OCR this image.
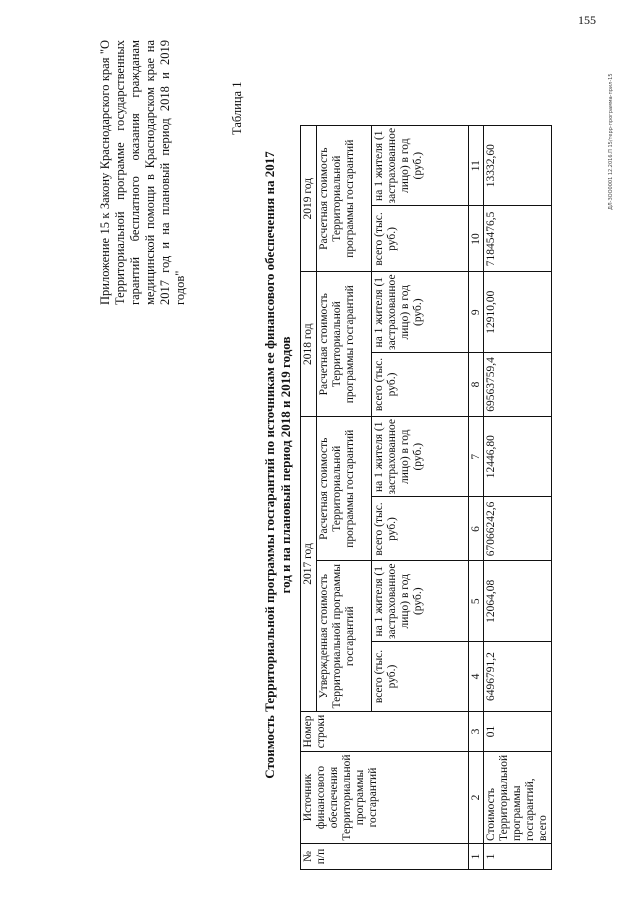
Приложение 15 к Закону Краснодарского края "О Территориальной программе государственных гарантий бесплатного оказания гражданам медицинской помощи в Краснодарском крае на 2017 год и на плановый период 2018 и 2019 годов"
Таблица 1
Стоимость Территориальной программы госгарантий по источникам ее финансового обеспечения на 2017 год и на плановый период 2018 и 2019 годов
№ п/п	Источник финансового обеспечения Территориальной программы госгарантий	Номер строки	2017 год				2018 год		2019 год	
			Утвержденная стоимость Территориальной программы госгарантий		Расчетная стоимость Территориальной программы госгарантий		Расчетная стоимость Территориальной программы госгарантий		Расчетная стоимость Территориальной программы госгарантий	
			всего (тыс. руб.)	на 1 жителя (1 застрахованное лицо) в год (руб.)	всего (тыс. руб.)	на 1 жителя (1 застрахованное лицо) в год (руб.)	всего (тыс. руб.)	на 1 жителя (1 застрахованное лицо) в год (руб.)	всего (тыс. руб.)	на 1 жителя (1 застрахованное лицо) в год (руб.)
1	2	3	4	5	6	7	8	9	10	11
1	Стоимость Территориальной программы госгарантий, всего	01	6496791,2	12064,08	67066242,6	12446,80	69563759,4	12910,00	71845476,5	13332,60	ДЛ-ЗОО0001 12.2016.П 15/терр-программа-прил-15
155
